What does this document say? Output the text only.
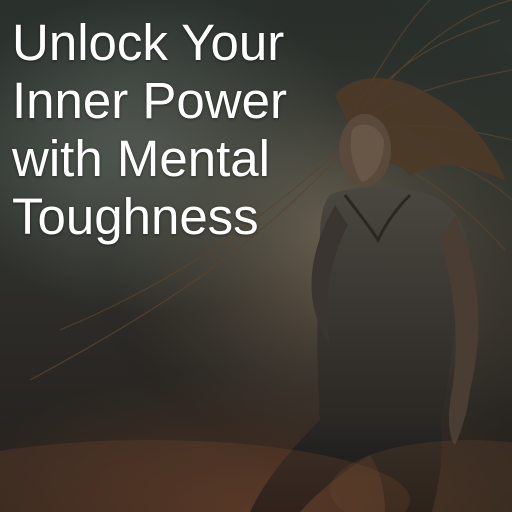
Unlock Your
Inner Power
with Mental
Toughness
